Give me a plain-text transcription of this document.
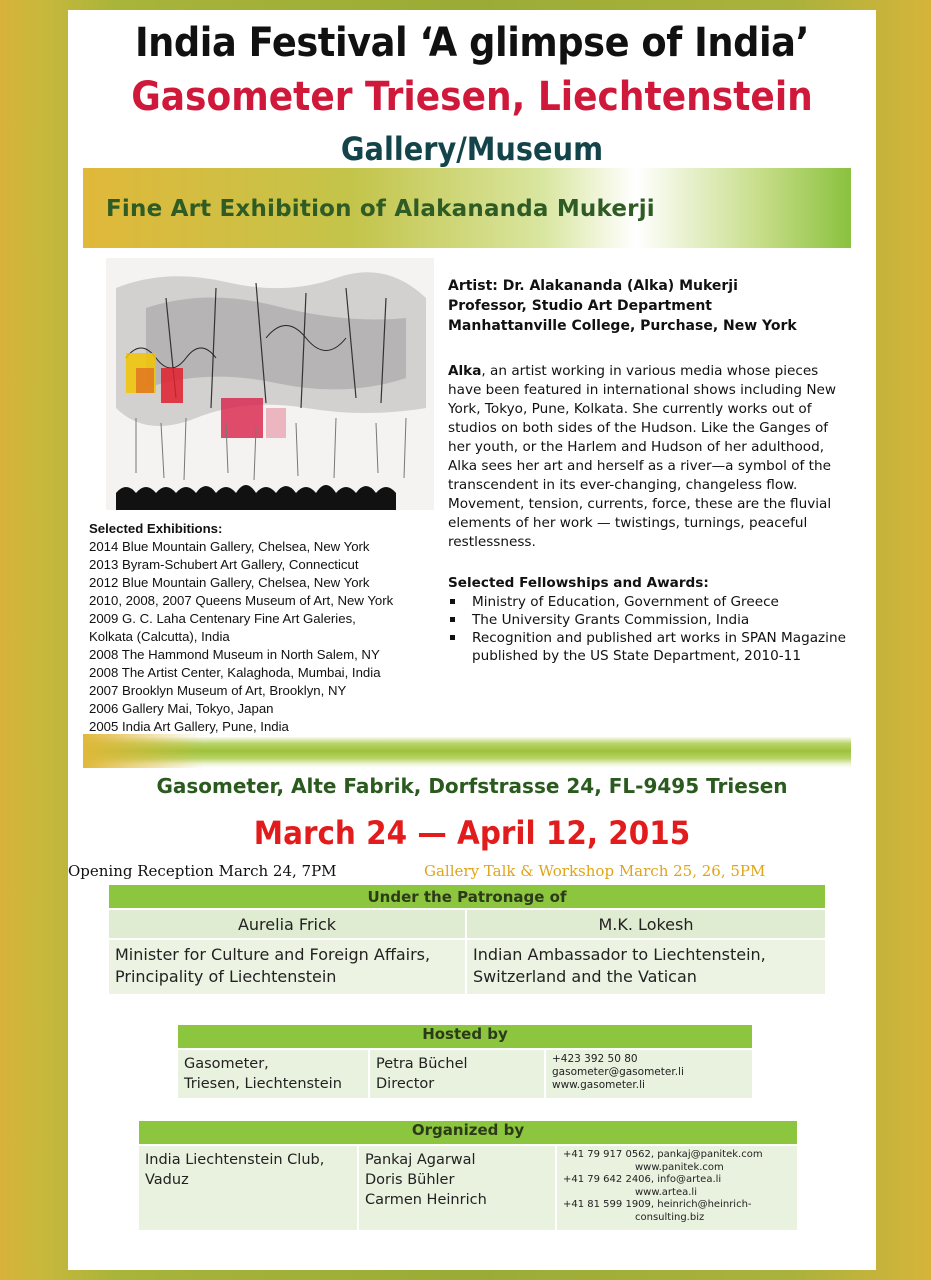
India Festival ‘A glimpse of India’
Gasometer Triesen, Liechtenstein
Gallery/Museum
Fine Art Exhibition of Alakananda Mukerji
Selected Exhibitions:
2014 Blue Mountain Gallery, Chelsea, New York
2013 Byram-Schubert Art Gallery, Connecticut
2012 Blue Mountain Gallery, Chelsea, New York
2010, 2008, 2007 Queens Museum of Art, New York
2009 G. C. Laha Centenary Fine Art Galeries,
Kolkata (Calcutta), India
2008 The Hammond Museum in North Salem, NY
2008 The Artist Center, Kalaghoda, Mumbai, India
2007 Brooklyn Museum of Art, Brooklyn, NY
2006 Gallery Mai, Tokyo, Japan
2005 India Art Gallery, Pune, India
Artist: Dr. Alakananda (Alka) Mukerji
Professor, Studio Art Department
Manhattanville College, Purchase, New York
Alka, an artist working in various media whose pieces have been featured in international shows including New York, Tokyo, Pune, Kolkata. She currently works out of studios on both sides of the Hudson. Like the Ganges of her youth, or the Harlem and Hudson of her adulthood, Alka sees her art and herself as a river—a symbol of the transcendent in its ever-changing, changeless flow. Movement, tension, currents, force, these are the fluvial elements of her work — twistings, turnings, peaceful restlessness.
Selected Fellowships and Awards:
Ministry of Education, Government of Greece
The University Grants Commission, India
Recognition and published art works in SPAN Magazine published by the US State Department, 2010-11
Gasometer, Alte Fabrik, Dorfstrasse 24, FL-9495 Triesen
March 24 — April 12, 2015
Opening Reception March 24, 7PM	Gallery Talk & Workshop March 25, 26, 5PM
Under the Patronage of	
Aurelia Frick	M.K. Lokesh
Minister for Culture and Foreign Affairs, Principality of Liechtenstein	Indian Ambassador to Liechtenstein, Switzerland and the Vatican
Hosted by

Gasometer,
Triesen, Liechtenstein

Petra Büchel
Director

+423 392 50 80
gasometer@gasometer.li
www.gasometer.li
Organized by

India Liechtenstein Club,
Vaduz

Pankaj Agarwal
Doris Bühler
Carmen Heinrich

+41 79 917 0562, pankaj@panitek.com
www.panitek.com
+41 79 642 2406, info@artea.li
www.artea.li
+41 81 599 1909, heinrich@heinrich-
consulting.biz
